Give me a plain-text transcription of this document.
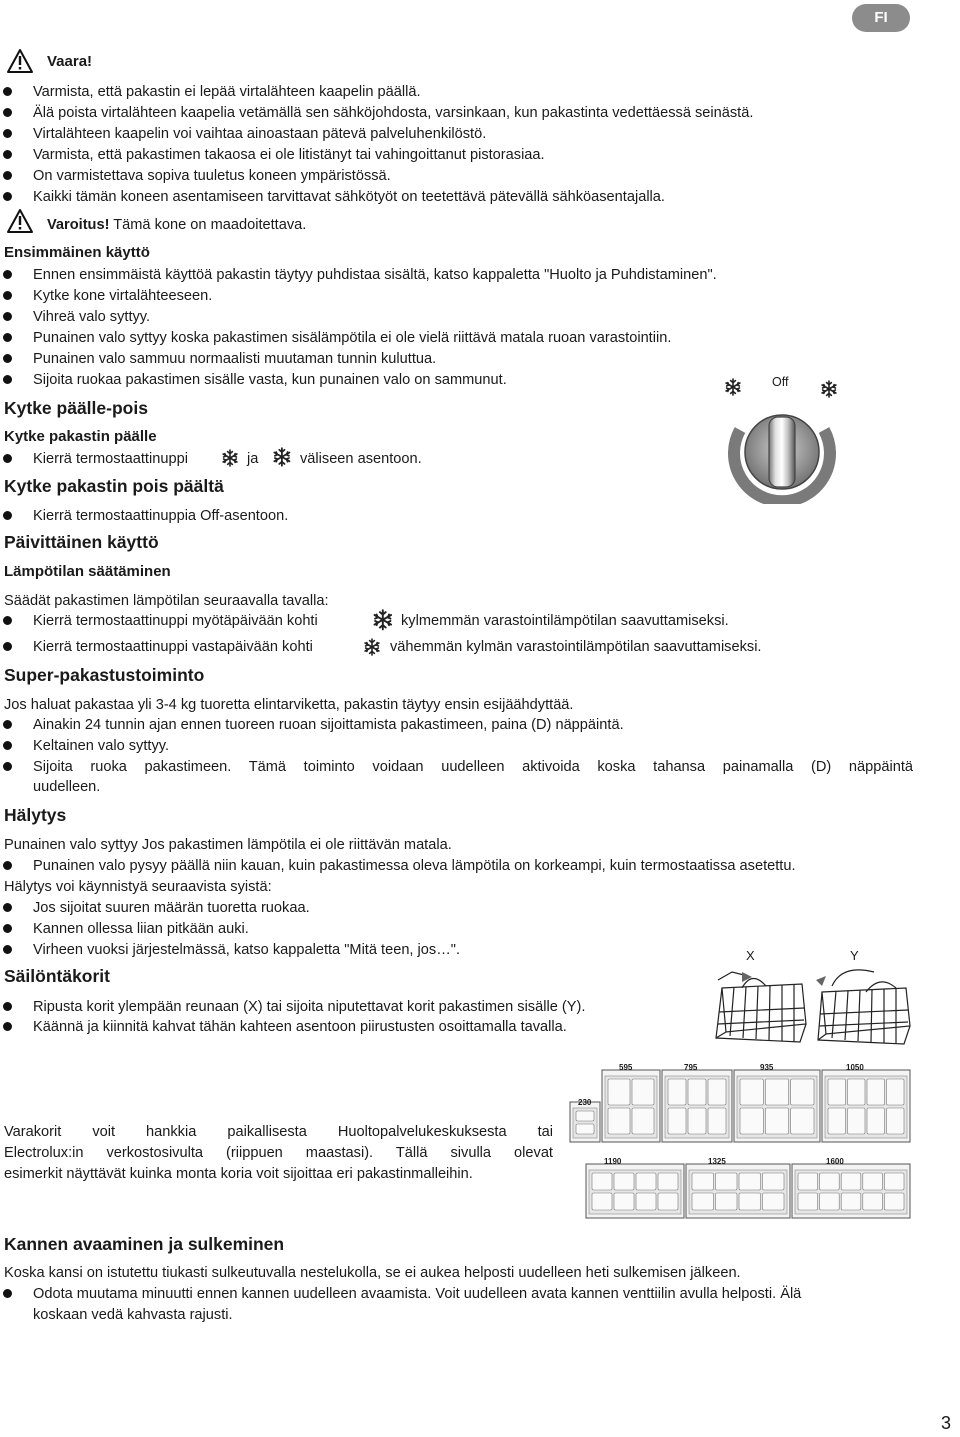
FI
Vaara!
Varmista, että pakastin ei lepää virtalähteen kaapelin päällä.
Älä poista virtalähteen kaapelia vetämällä sen sähköjohdosta, varsinkaan, kun pakastinta vedettäessä seinästä.
Virtalähteen kaapelin voi vaihtaa ainoastaan pätevä palveluhenkilöstö.
Varmista, että pakastimen takaosa ei ole litistänyt tai vahingoittanut pistorasiaa.
On varmistettava sopiva tuuletus koneen ympäristössä.
Kaikki tämän koneen asentamiseen tarvittavat sähkötyöt on teetettävä pätevällä sähköasentajalla.
Varoitus! Tämä kone on maadoitettava.
Ensimmäinen käyttö
Ennen ensimmäistä käyttöä pakastin täytyy puhdistaa sisältä, katso kappaletta "Huolto ja Puhdistaminen".
Kytke kone virtalähteeseen.
Vihreä valo syttyy.
Punainen valo syttyy koska pakastimen sisälämpötila ei ole vielä riittävä matala ruoan varastointiin.
Punainen valo sammuu normaalisti muutaman tunnin kuluttua.
Sijoita ruokaa pakastimen sisälle vasta, kun punainen valo on sammunut.	Off
Kytke päälle-pois
Kytke pakastin päälle
Kierrä termostaattinuppi	ja	väliseen asentoon.
Kytke pakastin pois päältä
Kierrä termostaattinuppia Off-asentoon.
Päivittäinen käyttö
Lämpötilan säätäminen
Säädät pakastimen lämpötilan seuraavalla tavalla:
Kierrä termostaattinuppi myötäpäivään kohti	kylmemmän varastointilämpötilan saavuttamiseksi.
Kierrä termostaattinuppi vastapäivään kohti	vähemmän kylmän varastointilämpötilan saavuttamiseksi.
Super-pakastustoiminto
Jos haluat pakastaa yli 3-4 kg tuoretta elintarviketta, pakastin täytyy ensin esijäähdyttää.
Ainakin 24 tunnin ajan ennen tuoreen ruoan sijoittamista pakastimeen, paina (D) näppäintä.
Keltainen valo syttyy.
Sijoita ruoka pakastimeen. Tämä toiminto voidaan uudelleen aktivoida koska tahansa painamalla (D) näppäintä
uudelleen.
Hälytys
Punainen valo syttyy Jos pakastimen lämpötila ei ole riittävän matala.
Punainen valo pysyy päällä niin kauan, kuin pakastimessa oleva lämpötila on korkeampi, kuin termostaatissa asetettu.
Hälytys voi käynnistyä seuraavista syistä:
Jos sijoitat suuren määrän tuoretta ruokaa.
Kannen ollessa liian pitkään auki.
Virheen vuoksi järjestelmässä, katso kappaletta "Mitä teen, jos…".
Säilöntäkorit
Ripusta korit ylempään reunaan (X) tai sijoita niputettavat korit pakastimen sisälle (Y).
Käännä ja kiinnitä kahvat tähän kahteen asentoon piirustusten osoittamalla tavalla.
X	Y
230
595	795	935	1050
1190	1325	1600
Varakorit voit hankkia paikallisesta Huoltopalvelukeskuksesta tai
Electrolux:in verkostosivulta (riippuen maastasi). Tällä sivulla olevat
esimerkit näyttävät kuinka monta koria voit sijoittaa eri pakastinmalleihin.
Kannen avaaminen ja sulkeminen
Koska kansi on istutettu tiukasti sulkeutuvalla nestelukolla, se ei aukea helposti uudelleen heti sulkemisen jälkeen.
Odota muutama minuutti ennen kannen uudelleen avaamista. Voit uudelleen avata kannen venttiilin avulla helposti. Älä
koskaan vedä kahvasta rajusti.
3
